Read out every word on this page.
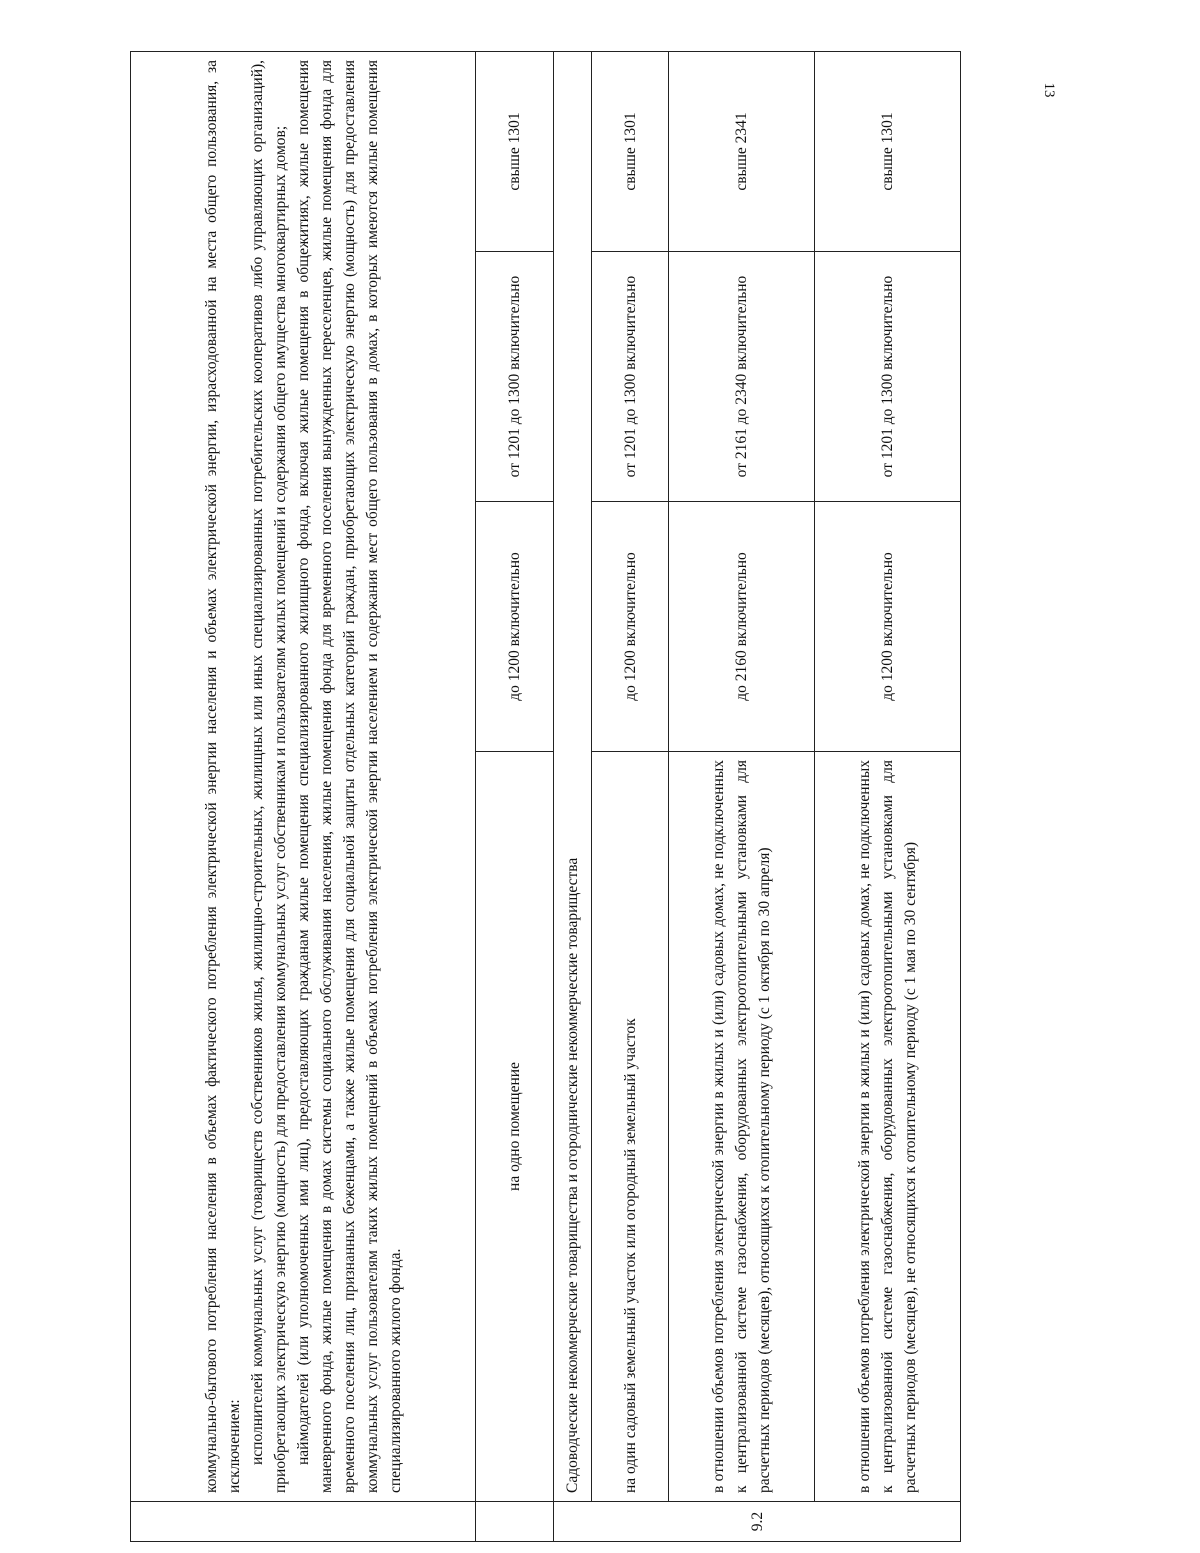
13

	коммунально-бытового потребления населения в объемах фактического потребления электрической энергии населения и объемах электрической энергии, израсходованной на места общего пользования, за исключением: исполнителей коммунальных услуг (товариществ собственников жилья, жилищно-строительных, жилищных или иных специализированных потребительских кооперативов либо управляющих организаций), приобретающих электрическую энергию (мощность) для предоставления коммунальных услуг собственникам и пользователям жилых помещений и содержания общего имущества многоквартирных домов; наймодателей (или уполномоченных ими лиц), предоставляющих гражданам жилые помещения специализированного жилищного фонда, включая жилые помещения в общежитиях, жилые помещения маневренного фонда, жилые помещения в домах системы социального обслуживания населения, жилые помещения фонда для временного поселения вынужденных переселенцев, жилые помещения фонда для временного поселения лиц, признанных беженцами, а также жилые помещения для социальной защиты отдельных категорий граждан, приобретающих электрическую энергию (мощность) для предоставления коммунальных услуг пользователям таких жилых помещений в объемах потребления электрической энергии населением и содержания мест общего пользования в домах, в которых имеются жилые помещения специализированного жилого фонда.			

	на одно помещение	до 1200 включительно	от 1201 до 1300 включительно	свыше 1301
9.2	Садоводческие некоммерческие товарищества и огороднические некоммерческие товарищества			
	на один садовый земельный участок или огородный земельный участок	до 1200 включительно	от 1201 до 1300 включительно	свыше 1301
	в отношении объемов потребления электрической энергии в жилых и (или) садовых домах, не подключенных к централизованной системе газоснабжения, оборудованных электроотопительными установками для расчетных периодов (месяцев), относящихся к отопительному периоду (с 1 октября по 30 апреля)	до 2160 включительно	от 2161 до 2340 включительно	свыше 2341
	в отношении объемов потребления электрической энергии в жилых и (или) садовых домах, не подключенных к централизованной системе газоснабжения, оборудованных электроотопительными установками для расчетных периодов (месяцев), не относящихся к отопительному периоду (с 1 мая по 30 сентября)	до 1200 включительно	от 1201 до 1300 включительно	свыше 1301
